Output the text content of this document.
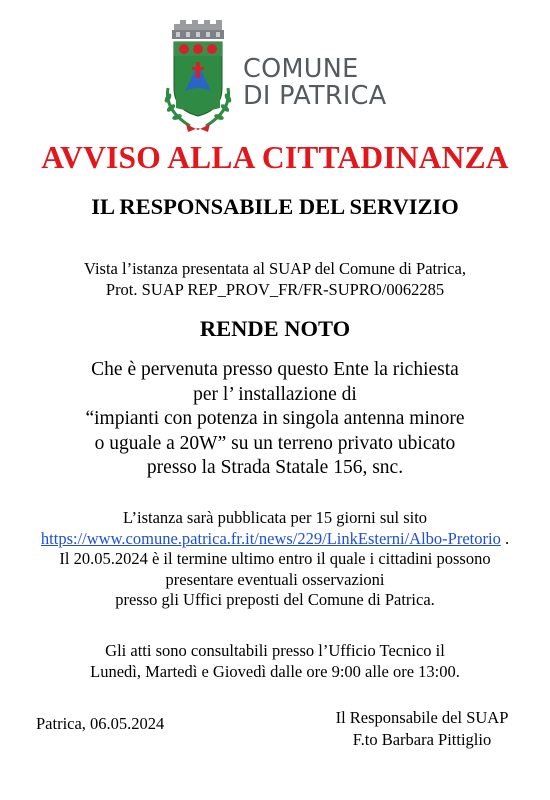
COMUNE
DI PATRICA
AVVISO ALLA CITTADINANZA
IL RESPONSABILE DEL SERVIZIO
Vista l’istanza presentata al SUAP del Comune di Patrica,
Prot. SUAP REP_PROV_FR/FR-SUPRO/0062285
RENDE NOTO
Che è pervenuta presso questo Ente la richiesta
per l’ installazione di
“impianti con potenza in singola antenna minore
o uguale a 20W” su un terreno privato ubicato
presso la Strada Statale 156, snc.
L’istanza sarà pubblicata per 15 giorni sul sito
https://www.comune.patrica.fr.it/news/229/LinkEsterni/Albo-Pretorio .
Il 20.05.2024 è il termine ultimo entro il quale i cittadini possono
presentare eventuali osservazioni
presso gli Uffici preposti del Comune di Patrica.
Gli atti sono consultabili presso l’Ufficio Tecnico il
Lunedì, Martedì e Giovedì dalle ore 9:00 alle ore 13:00.
Patrica, 06.05.2024	Il Responsabile del SUAP
F.to Barbara Pittiglio
